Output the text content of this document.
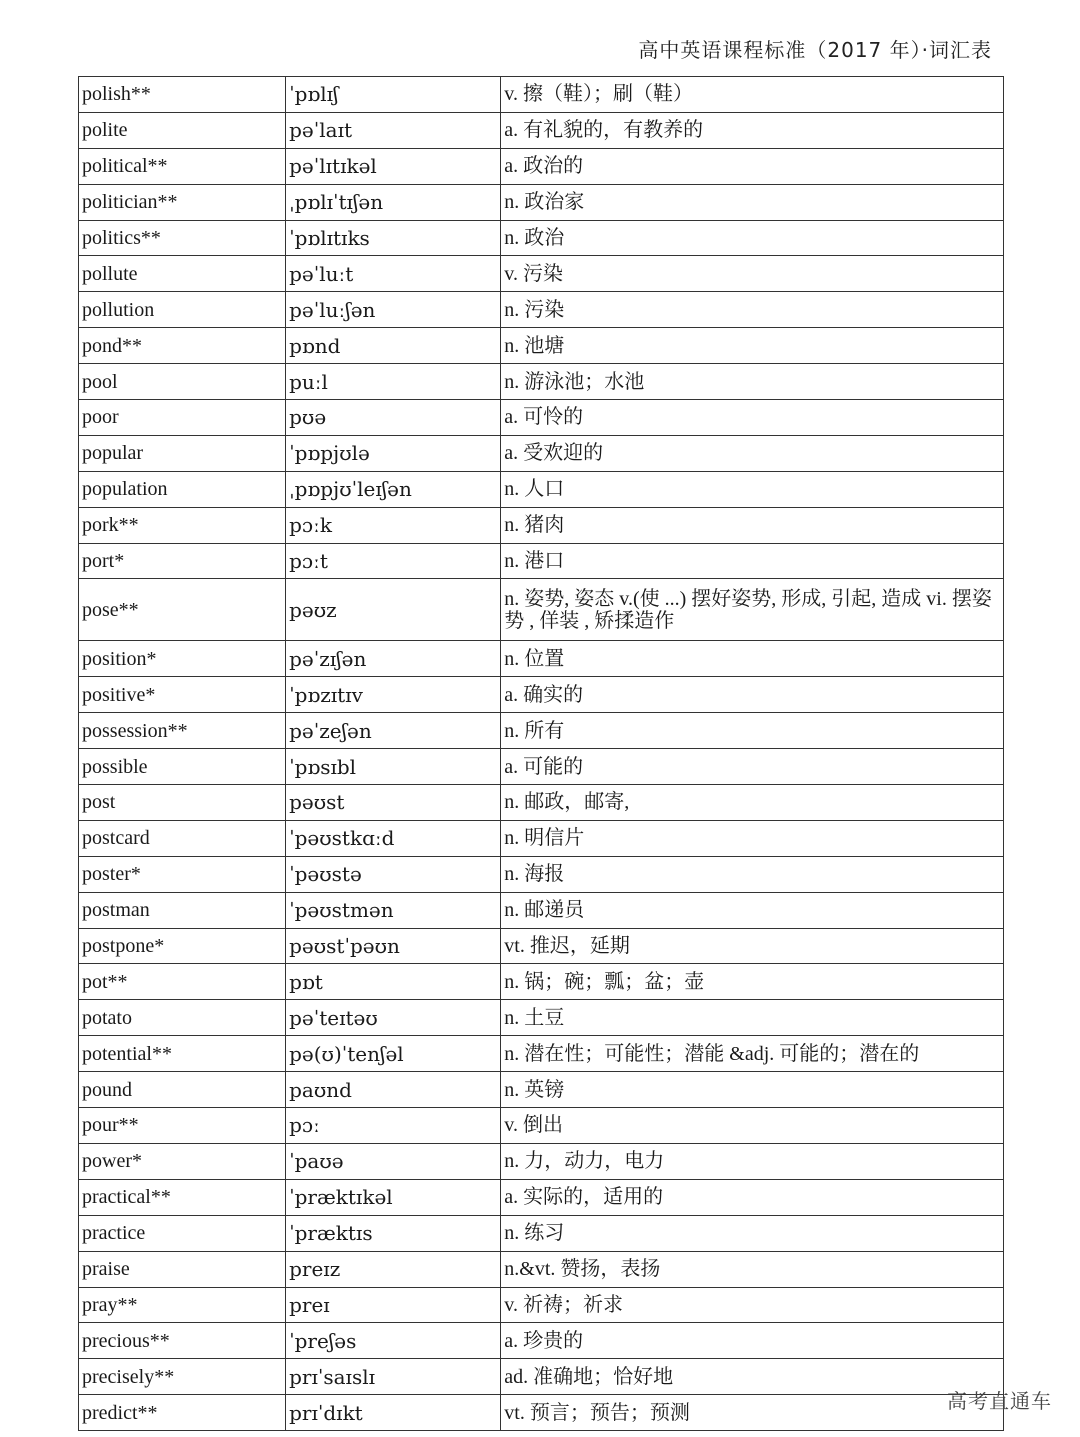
高中英语课程标准（2017 年）·词汇表
polish**	ˈpɒlɪʃ	v. 擦（鞋）；刷（鞋）
polite	pəˈlaɪt	a. 有礼貌的，有教养的
political**	pəˈlɪtɪkəl	a. 政治的
politician**	ˌpɒlɪˈtɪʃən	n. 政治家
politics**	ˈpɒlɪtɪks	n. 政治
pollute	pəˈluːt	v. 污染
pollution	pəˈluːʃən	n. 污染
pond**	pɒnd	n. 池塘
pool	puːl	n. 游泳池；水池
poor	pʊə	a. 可怜的
popular	ˈpɒpjʊlə	a. 受欢迎的
population	ˌpɒpjʊˈleɪʃən	n. 人口
pork**	pɔːk	n. 猪肉
port*	pɔːt	n. 港口
pose**	pəʊz	n. 姿势, 姿态 v.(使 ...) 摆好姿势, 形成, 引起, 造成 vi. 摆姿势 , 佯装 , 矫揉造作
position*	pəˈzɪʃən	n. 位置
positive*	ˈpɒzɪtɪv	a. 确实的
possession**	pəˈzeʃən	n. 所有
possible	ˈpɒsɪbl	a. 可能的
post	pəʊst	n. 邮政，邮寄,
postcard	ˈpəʊstkɑːd	n. 明信片
poster*	ˈpəʊstə	n. 海报
postman	ˈpəʊstmən	n. 邮递员
postpone*	pəʊstˈpəʊn	vt. 推迟，延期
pot**	pɒt	n. 锅；碗；瓢；盆；壶
potato	pəˈteɪtəʊ	n. 土豆
potential**	pə(ʊ)ˈtenʃəl	n. 潜在性；可能性；潜能 &adj. 可能的；潜在的
pound	paʊnd	n. 英镑
pour**	pɔː	v. 倒出
power*	ˈpaʊə	n. 力，动力，电力
practical**	ˈpræktɪkəl	a. 实际的，适用的
practice	ˈpræktɪs	n. 练习
praise	preɪz	n.&vt. 赞扬，表扬
pray**	preɪ	v. 祈祷；祈求
precious**	ˈpreʃəs	a. 珍贵的
precisely**	prɪˈsaɪslɪ	ad. 准确地；恰好地
predict**	prɪˈdɪkt	vt. 预言；预告；预测	高考直通车
